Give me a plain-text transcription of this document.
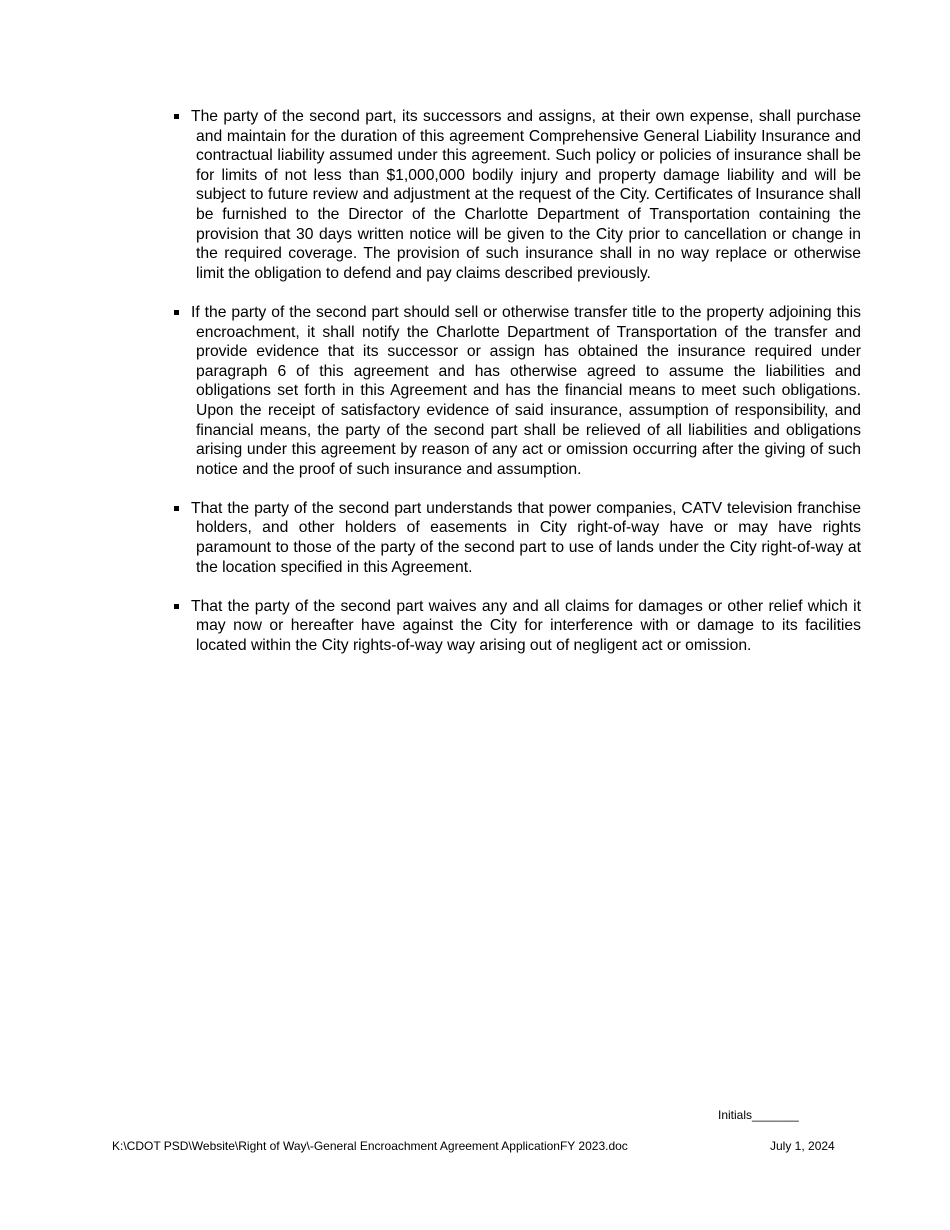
The party of the second part, its successors and assigns, at their own expense, shall purchase and maintain for the duration of this agreement Comprehensive General Liability Insurance and contractual liability assumed under this agreement. Such policy or policies of insurance shall be for limits of not less than $1,000,000 bodily injury and property damage liability and will be subject to future review and adjustment at the request of the City. Certificates of Insurance shall be furnished to the Director of the Charlotte Department of Transportation containing the provision that 30 days written notice will be given to the City prior to cancellation or change in the required coverage. The provision of such insurance shall in no way replace or otherwise limit the obligation to defend and pay claims described previously.
If the party of the second part should sell or otherwise transfer title to the property adjoining this encroachment, it shall notify the Charlotte Department of Transportation of the transfer and provide evidence that its successor or assign has obtained the insurance required under paragraph 6 of this agreement and has otherwise agreed to assume the liabilities and obligations set forth in this Agreement and has the financial means to meet such obligations. Upon the receipt of satisfactory evidence of said insurance, assumption of responsibility, and financial means, the party of the second part shall be relieved of all liabilities and obligations arising under this agreement by reason of any act or omission occurring after the giving of such notice and the proof of such insurance and assumption.
That the party of the second part understands that power companies, CATV television franchise holders, and other holders of easements in City right-of-way have or may have rights paramount to those of the party of the second part to use of lands under the City right-of-way at the location specified in this Agreement.
That the party of the second part waives any and all claims for damages or other relief which it may now or hereafter have against the City for interference with or damage to its facilities located within the City rights-of-way way arising out of negligent act or omission.
Initials_______
K:\CDOT PSD\Website\Right of Way\-General Encroachment Agreement ApplicationFY 2023.doc	July 1, 2024
